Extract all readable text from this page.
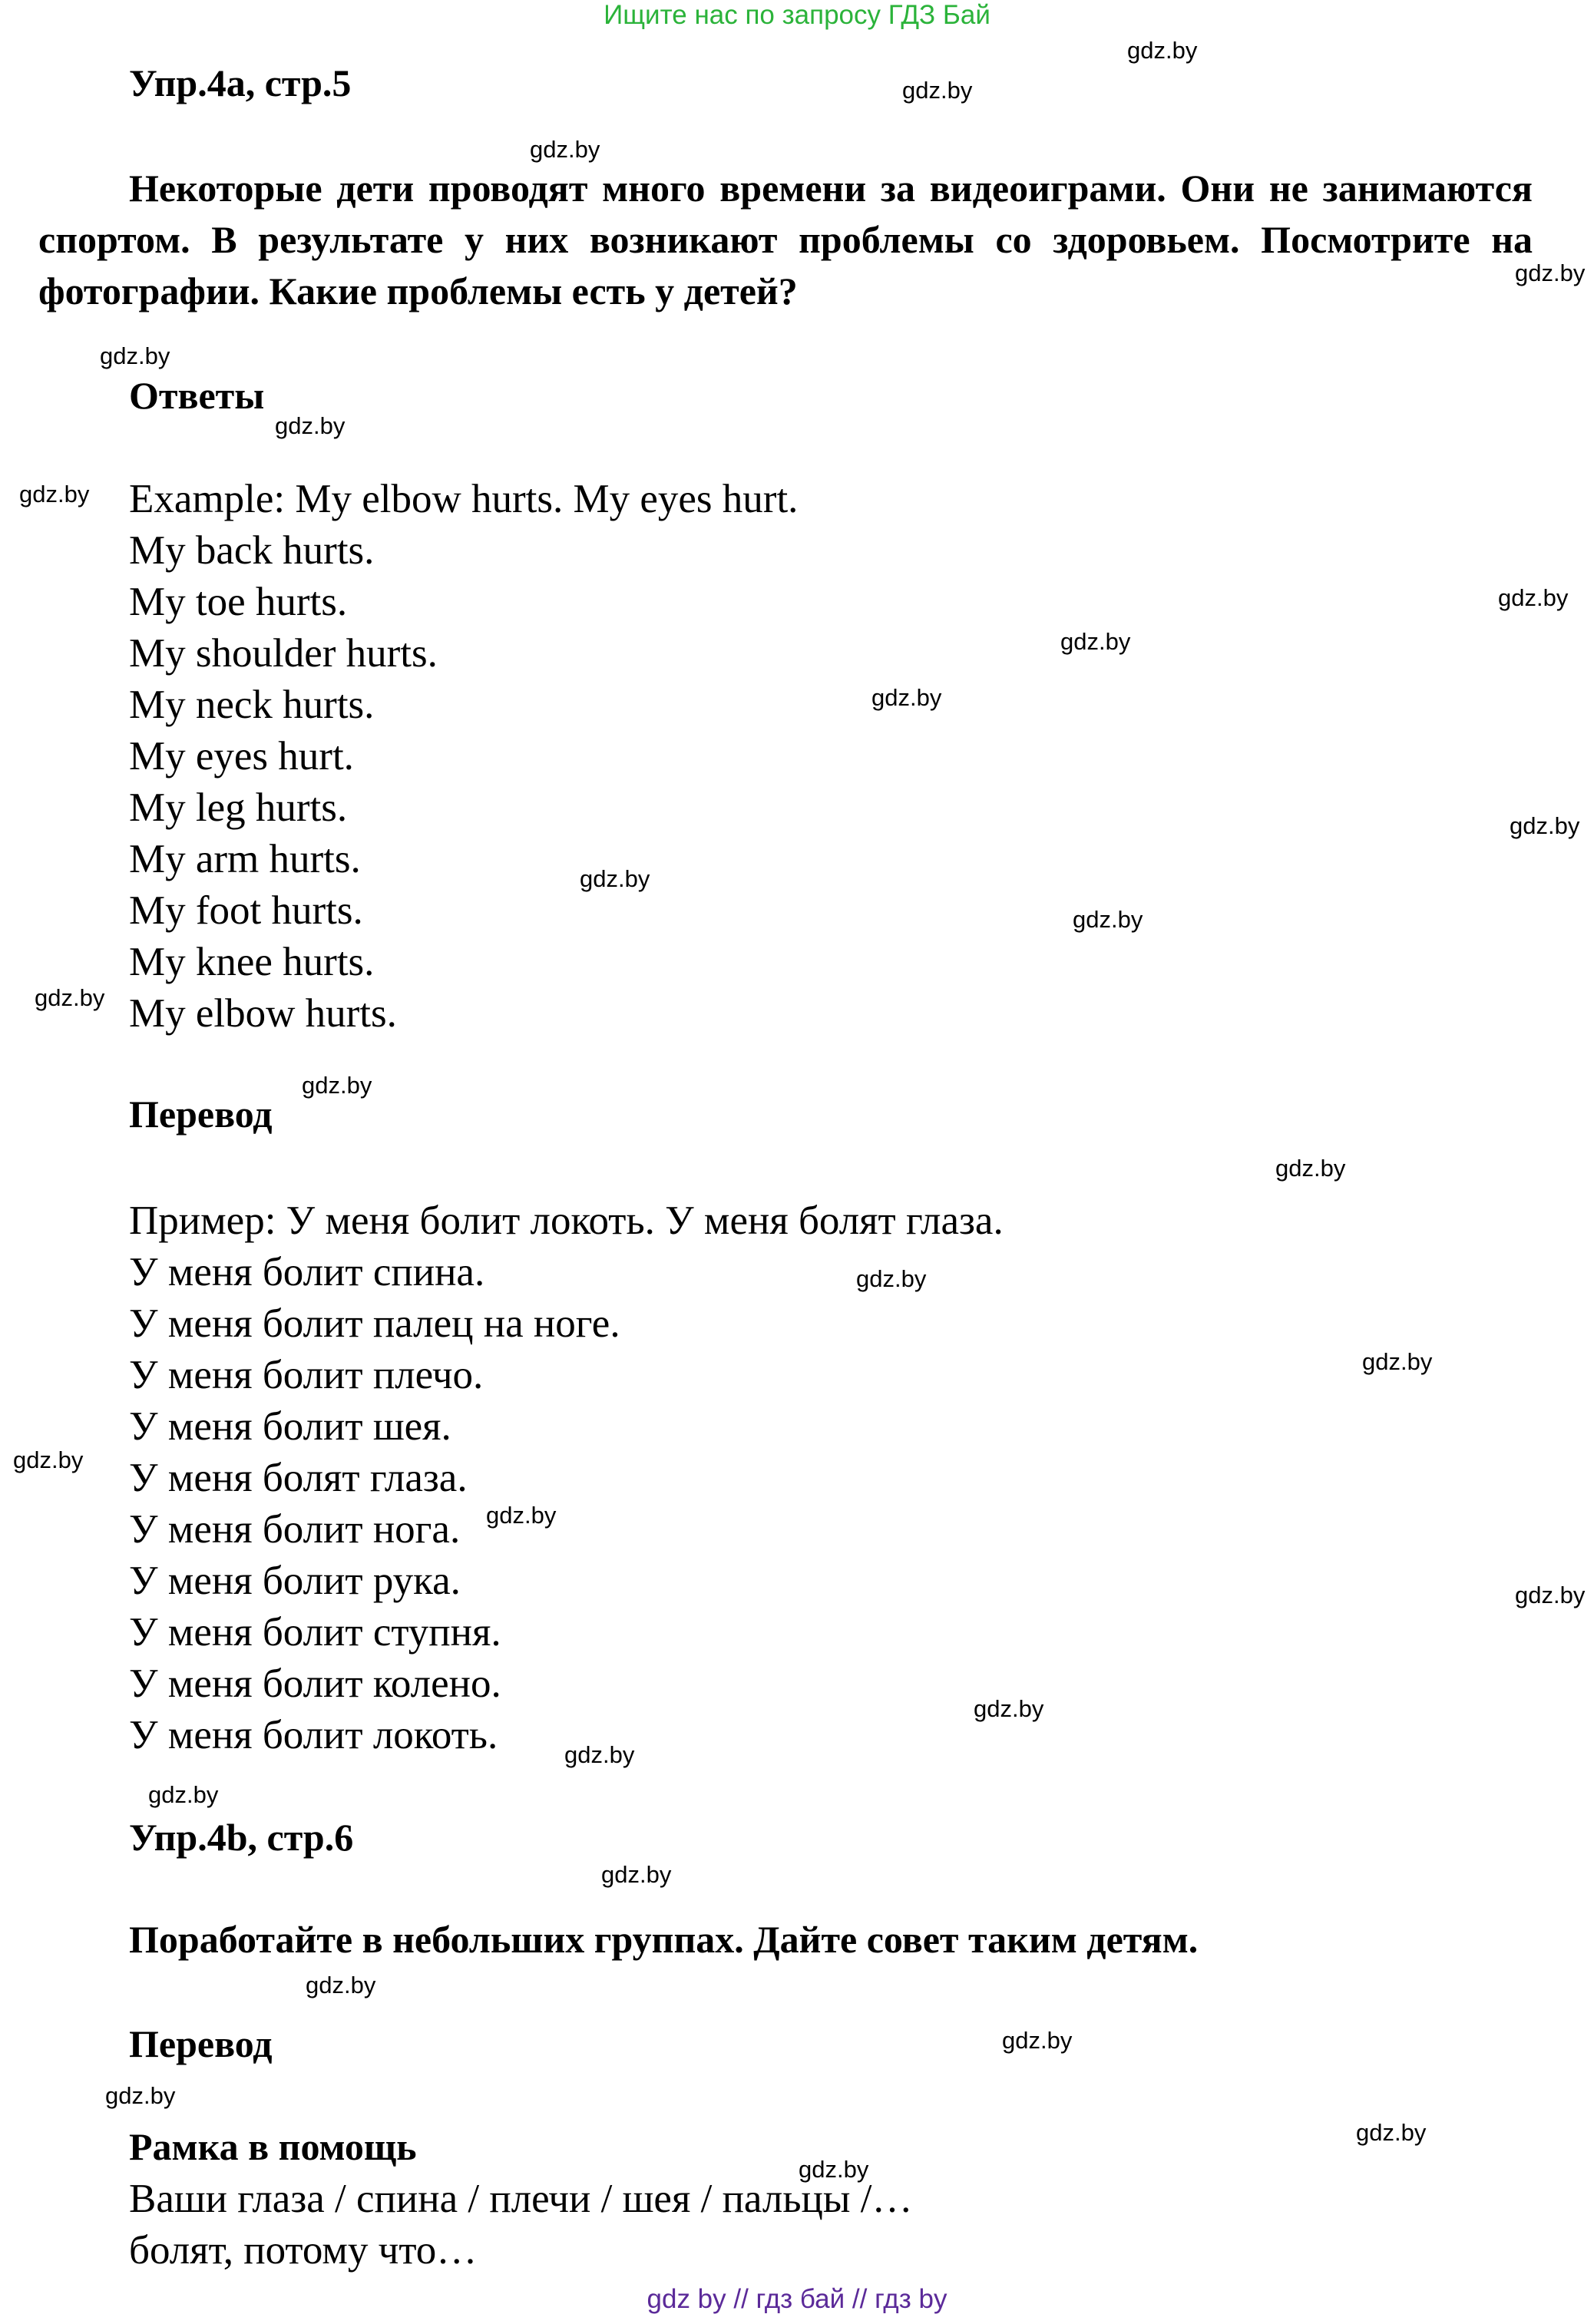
Ищите нас по запросу ГДЗ Бай
Упр.4а, стр.5
Некоторые дети проводят много времени за видеоиграми. Они не занимаются спортом. В результате у них возникают проблемы со здоровьем. Посмотрите на фотографии. Какие проблемы есть у детей?
Ответы
Example: My elbow hurts. My eyes hurt.
My back hurts.
My toe hurts.
My shoulder hurts.
My neck hurts.
My eyes hurt.
My leg hurts.
My arm hurts.
My foot hurts.
My knee hurts.
My elbow hurts.
Перевод
Пример: У меня болит локоть. У меня болят глаза.
У меня болит спина.
У меня болит палец на ноге.
У меня болит плечо.
У меня болит шея.
У меня болят глаза.
У меня болит нога.
У меня болит рука.
У меня болит ступня.
У меня болит колено.
У меня болит локоть.
Упр.4b, стр.6
Поработайте в небольших группах. Дайте совет таким детям.
Перевод
Рамка в помощь
Ваши глаза / спина / плечи / шея / пальцы /…
болят, потому что…
gdz.by
gdz.by
gdz.by
gdz.by
gdz.by
gdz.by
gdz.by
gdz.by
gdz.by
gdz.by
gdz.by
gdz.by
gdz.by
gdz.by
gdz.by
gdz.by
gdz.by
gdz.by
gdz.by
gdz.by
gdz.by
gdz.by
gdz.by
gdz.by
gdz.by
gdz.by
gdz.by
gdz.by
gdz.by
gdz.by
gdz by // гдз бай // гдз by
